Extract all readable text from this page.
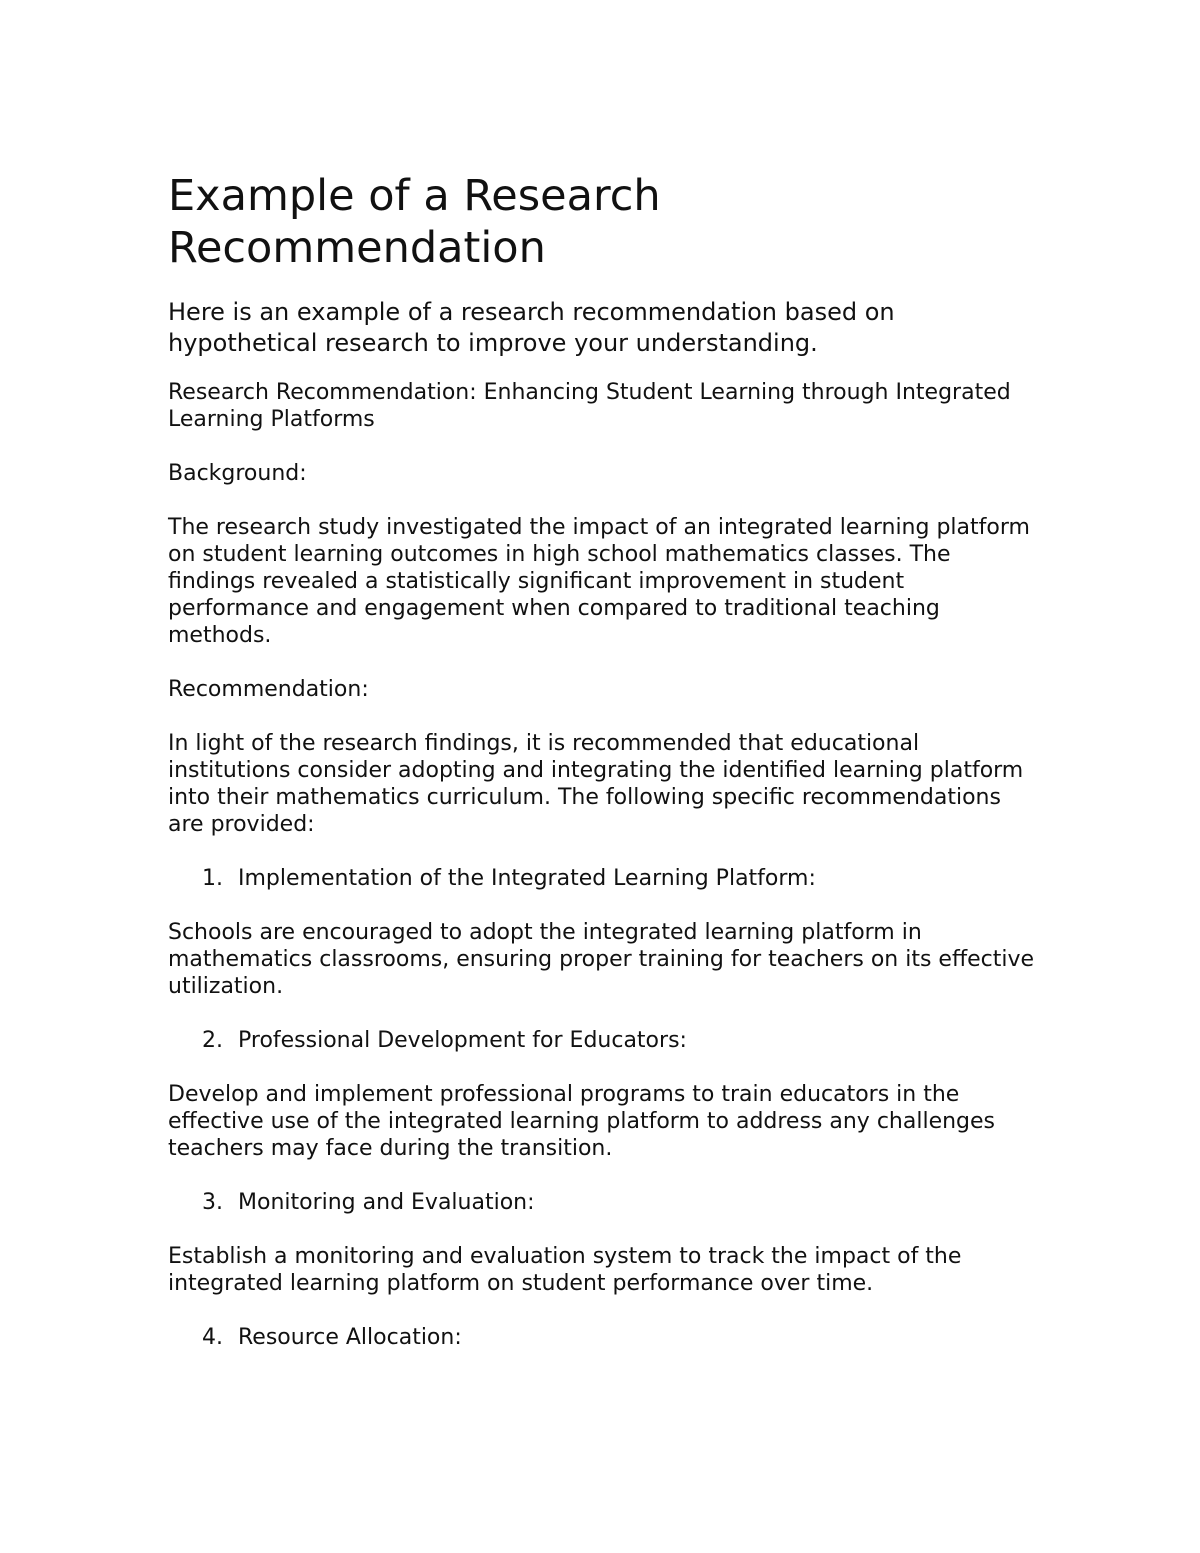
Example of a Research Recommendation

Here is an example of a research recommendation based on hypothetical research to improve your understanding.

Research Recommendation: Enhancing Student Learning through Integrated Learning Platforms

Background:

The research study investigated the impact of an integrated learning platform on student learning outcomes in high school mathematics classes. The findings revealed a statistically significant improvement in student performance and engagement when compared to traditional teaching methods.

Recommendation:

In light of the research findings, it is recommended that educational institutions consider adopting and integrating the identified learning platform into their mathematics curriculum. The following specific recommendations are provided:

1. Implementation of the Integrated Learning Platform:

Schools are encouraged to adopt the integrated learning platform in mathematics classrooms, ensuring proper training for teachers on its effective utilization.

2. Professional Development for Educators:

Develop and implement professional programs to train educators in the effective use of the integrated learning platform to address any challenges teachers may face during the transition.

3. Monitoring and Evaluation:

Establish a monitoring and evaluation system to track the impact of the integrated learning platform on student performance over time.

4. Resource Allocation:
